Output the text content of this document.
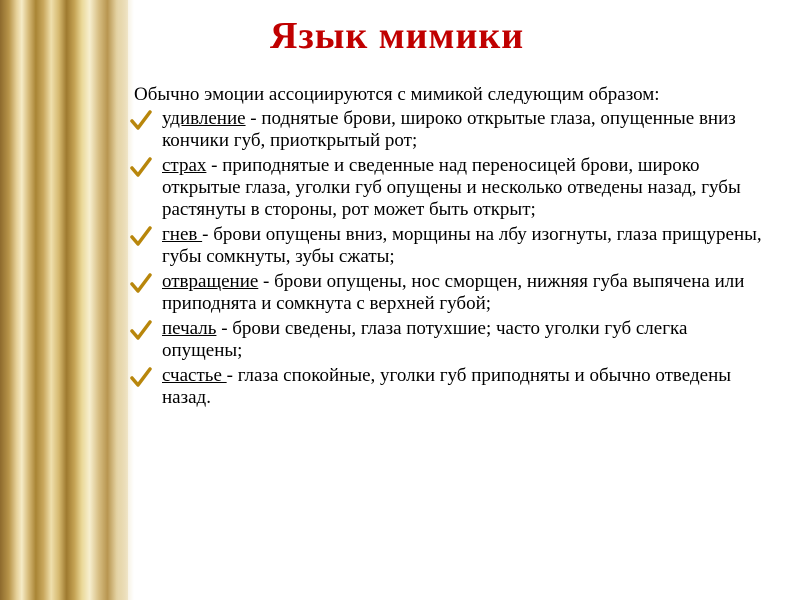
Язык мимики

Обычно эмоции ассоциируются с мимикой следующим образом:

удивление - поднятые брови, широко открытые глаза, опущенные вниз кончики губ, приоткрытый рот;
страх - приподнятые и сведенные над переносицей брови, широко открытые глаза, уголки губ опущены и несколько отведены назад, губы растянуты в стороны, рот может быть открыт;
гнев - брови опущены вниз, морщины на лбу изогнуты, глаза прищурены, губы сомкнуты, зубы сжаты;
отвращение - брови опущены, нос сморщен, нижняя губа выпячена или приподнята и сомкнута с верхней губой;
печаль - брови сведены, глаза потухшие; часто уголки губ слегка опущены;
счастье - глаза спокойные, уголки губ приподняты и обычно отведены назад.
